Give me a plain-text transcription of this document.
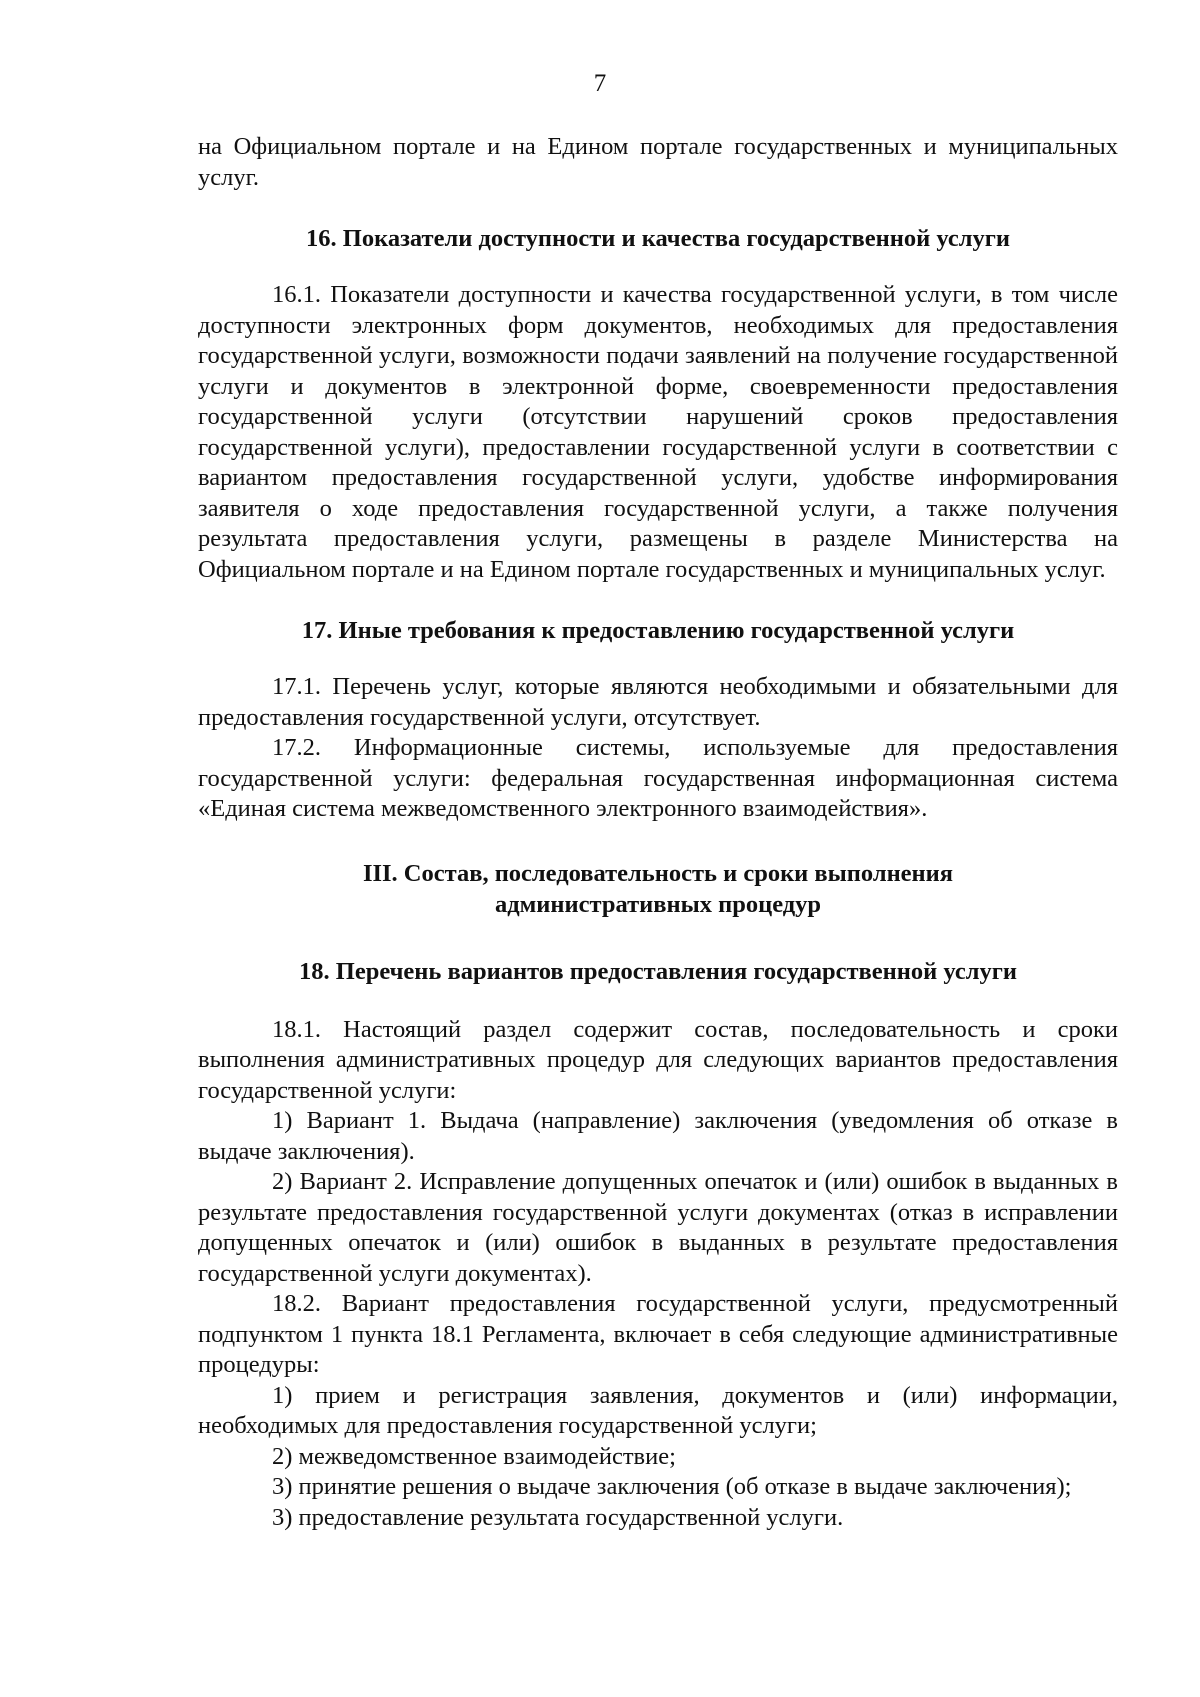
7

на Официальном портале и на Едином портале государственных и муниципальных услуг.

16. Показатели доступности и качества государственной услуги

16.1. Показатели доступности и качества государственной услуги, в том числе доступности электронных форм документов, необходимых для предоставления государственной услуги, возможности подачи заявлений на получение государственной услуги и документов в электронной форме, своевременности предоставления государственной услуги (отсутствии нарушений сроков предоставления государственной услуги), предоставлении государственной услуги в соответствии с вариантом предоставления государственной услуги, удобстве информирования заявителя о ходе предоставления государственной услуги, а также получения результата предоставления услуги, размещены в разделе Министерства на Официальном портале и на Едином портале государственных и муниципальных услуг.

17. Иные требования к предоставлению государственной услуги

17.1. Перечень услуг, которые являются необходимыми и обязательными для предоставления государственной услуги, отсутствует.

17.2. Информационные системы, используемые для предоставления государственной услуги: федеральная государственная информационная система «Единая система межведомственного электронного взаимодействия».

III. Состав, последовательность и сроки выполнения
административных процедур
18. Перечень вариантов предоставления государственной услуги

18.1. Настоящий раздел содержит состав, последовательность и сроки выполнения административных процедур для следующих вариантов предоставления государственной услуги:

1) Вариант 1. Выдача (направление) заключения (уведомления об отказе в выдаче заключения).

2) Вариант 2. Исправление допущенных опечаток и (или) ошибок в выданных в результате предоставления государственной услуги документах (отказ в исправлении допущенных опечаток и (или) ошибок в выданных в результате предоставления государственной услуги документах).

18.2. Вариант предоставления государственной услуги, предусмотренный подпунктом 1 пункта 18.1 Регламента, включает в себя следующие административные процедуры:

1) прием и регистрация заявления, документов и (или) информации, необходимых для предоставления государственной услуги;

2) межведомственное взаимодействие;

3) принятие решения о выдаче заключения (об отказе в выдаче заключения);

3) предоставление результата государственной услуги.
